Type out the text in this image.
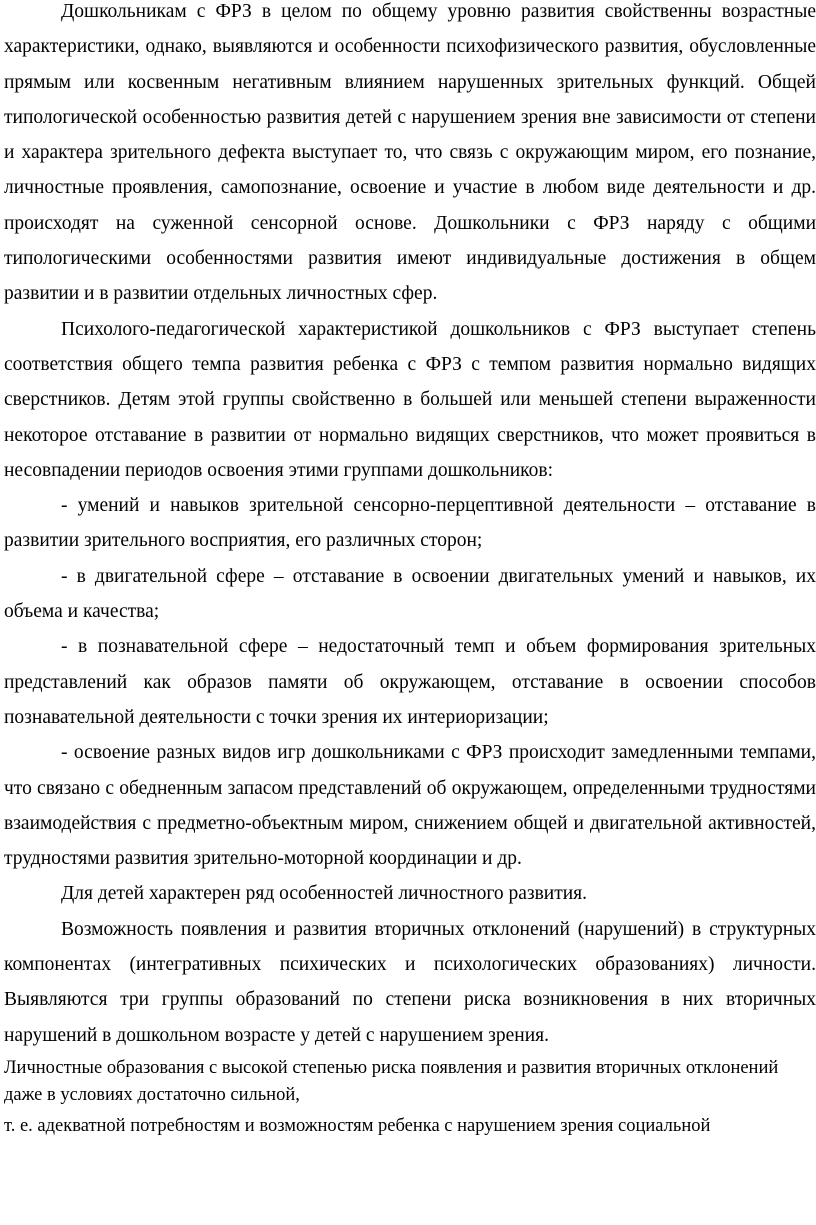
Дошкольникам с ФРЗ в целом по общему уровню развития свойственны возрастные характеристики, однако, выявляются и особенности психофизического развития, обусловленные прямым или косвенным негативным влиянием нарушенных зрительных функций. Общей типологической особенностью развития детей с нарушением зрения вне зависимости от степени и характера зрительного дефекта выступает то, что связь с окружающим миром, его познание, личностные проявления, самопознание, освоение и участие в любом виде деятельности и др. происходят на суженной сенсорной основе. Дошкольники с ФРЗ наряду с общими типологическими особенностями развития имеют индивидуальные достижения в общем развитии и в развитии отдельных личностных сфер.

Психолого-педагогической характеристикой дошкольников с ФРЗ выступает степень соответствия общего темпа развития ребенка с ФРЗ с темпом развития нормально видящих сверстников. Детям этой группы свойственно в большей или меньшей степени выраженности некоторое отставание в развитии от нормально видящих сверстников, что может проявиться в несовпадении периодов освоения этими группами дошкольников:

- умений и навыков зрительной сенсорно-перцептивной деятельности – отставание в развитии зрительного восприятия, его различных сторон;

- в двигательной сфере – отставание в освоении двигательных умений и навыков, их объема и качества;

- в познавательной сфере – недостаточный темп и объем формирования зрительных представлений как образов памяти об окружающем, отставание в освоении способов познавательной деятельности с точки зрения их интериоризации;

- освоение разных видов игр дошкольниками с ФРЗ происходит замедленными темпами, что связано с обедненным запасом представлений об окружающем, определенными трудностями взаимодействия с предметно-объектным миром, снижением общей и двигательной активностей, трудностями развития зрительно-моторной координации и др.

Для детей характерен ряд особенностей личностного развития.

Возможность появления и развития вторичных отклонений (нарушений) в структурных компонентах (интегративных психических и психологических образованиях) личности. Выявляются три группы образований по степени риска возникновения в них вторичных нарушений в дошкольном возрасте у детей с нарушением зрения.

Личностные образования с высокой степенью риска появления и развития вторичных отклонений даже в условиях достаточно сильной,

т. е. адекватной потребностям и возможностям ребенка с нарушением зрения социальной
